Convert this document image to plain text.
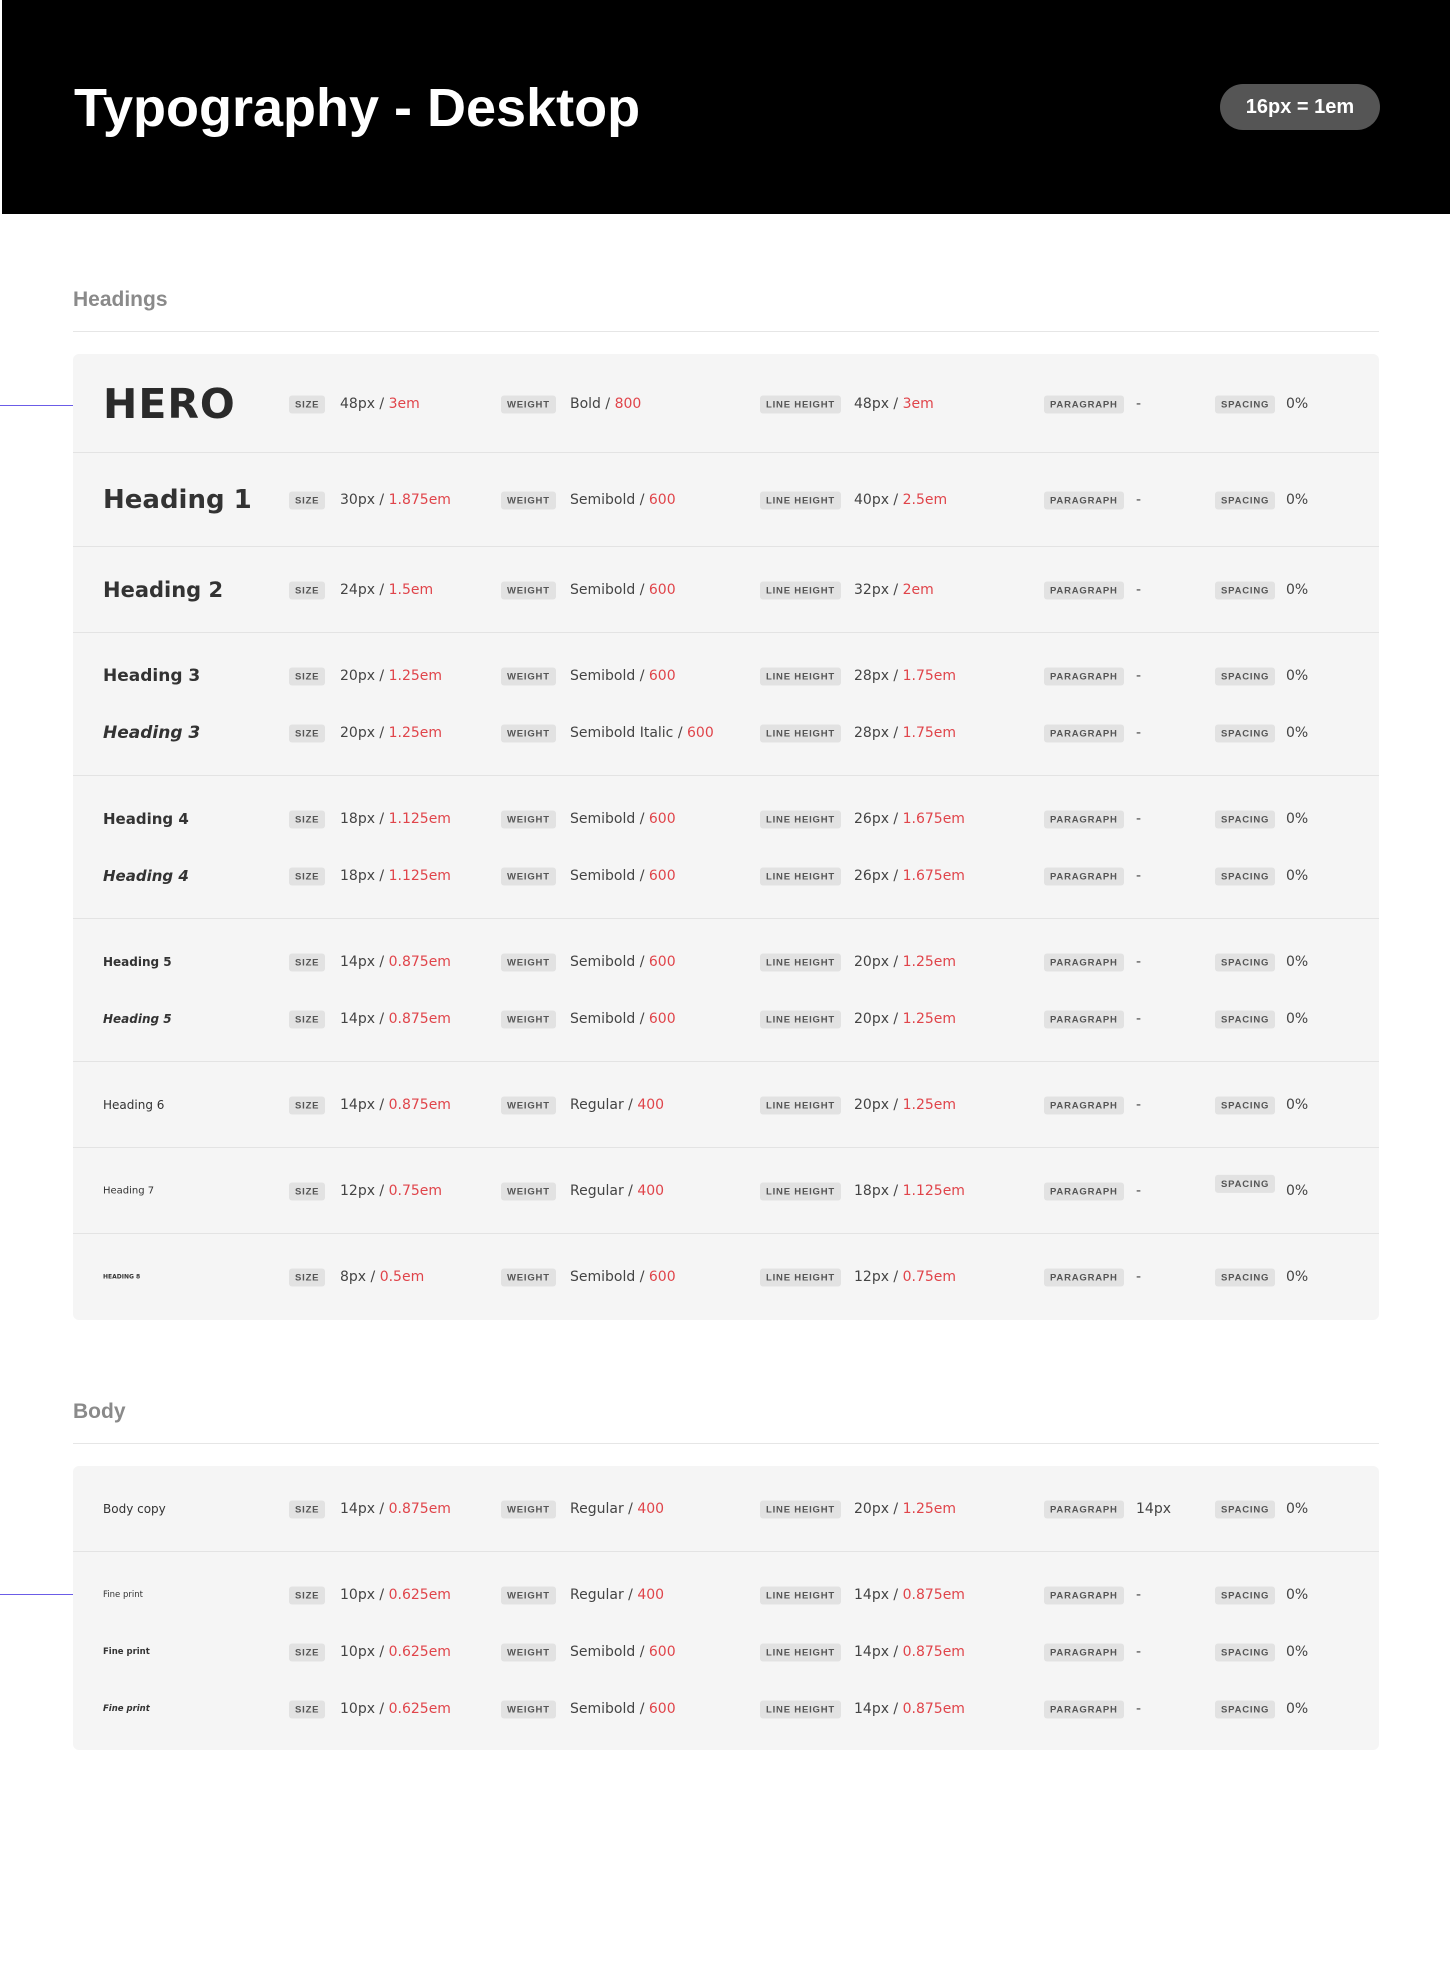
Typography - Desktop	16px = 1em
Headings
HERO	SIZE	48px / 3em	WEIGHT	Bold / 800	LINE HEIGHT	48px / 3em	PARAGRAPH	-	SPACING	0%
Heading 1	SIZE	30px / 1.875em	WEIGHT	Semibold / 600	LINE HEIGHT	40px / 2.5em	PARAGRAPH	-	SPACING	0%
Heading 2	SIZE	24px / 1.5em	WEIGHT	Semibold / 600	LINE HEIGHT	32px / 2em	PARAGRAPH	-	SPACING	0%
Heading 3	SIZE	20px / 1.25em	WEIGHT	Semibold / 600	LINE HEIGHT	28px / 1.75em	PARAGRAPH	-	SPACING	0%
Heading 3	SIZE	20px / 1.25em	WEIGHT	Semibold Italic / 600	LINE HEIGHT	28px / 1.75em	PARAGRAPH	-	SPACING	0%
Heading 4	SIZE	18px / 1.125em	WEIGHT	Semibold / 600	LINE HEIGHT	26px / 1.675em	PARAGRAPH	-	SPACING	0%
Heading 4	SIZE	18px / 1.125em	WEIGHT	Semibold / 600	LINE HEIGHT	26px / 1.675em	PARAGRAPH	-	SPACING	0%
Heading 5	SIZE	14px / 0.875em	WEIGHT	Semibold / 600	LINE HEIGHT	20px / 1.25em	PARAGRAPH	-	SPACING	0%
Heading 5	SIZE	14px / 0.875em	WEIGHT	Semibold / 600	LINE HEIGHT	20px / 1.25em	PARAGRAPH	-	SPACING	0%
Heading 6	SIZE	14px / 0.875em	WEIGHT	Regular / 400	LINE HEIGHT	20px / 1.25em	PARAGRAPH	-	SPACING	0%
Heading 7	SIZE	12px / 0.75em	WEIGHT	Regular / 400	LINE HEIGHT	18px / 1.125em	PARAGRAPH	-	SPACING	0%
HEADING 8	SIZE	8px / 0.5em	WEIGHT	Semibold / 600	LINE HEIGHT	12px / 0.75em	PARAGRAPH	-	SPACING	0%
Body
Body copy	SIZE	14px / 0.875em	WEIGHT	Regular / 400	LINE HEIGHT	20px / 1.25em	PARAGRAPH	14px	SPACING	0%
Fine print	SIZE	10px / 0.625em	WEIGHT	Regular / 400	LINE HEIGHT	14px / 0.875em	PARAGRAPH	-	SPACING	0%
Fine print	SIZE	10px / 0.625em	WEIGHT	Semibold / 600	LINE HEIGHT	14px / 0.875em	PARAGRAPH	-	SPACING	0%
Fine print	SIZE	10px / 0.625em	WEIGHT	Semibold / 600	LINE HEIGHT	14px / 0.875em	PARAGRAPH	-	SPACING	0%
